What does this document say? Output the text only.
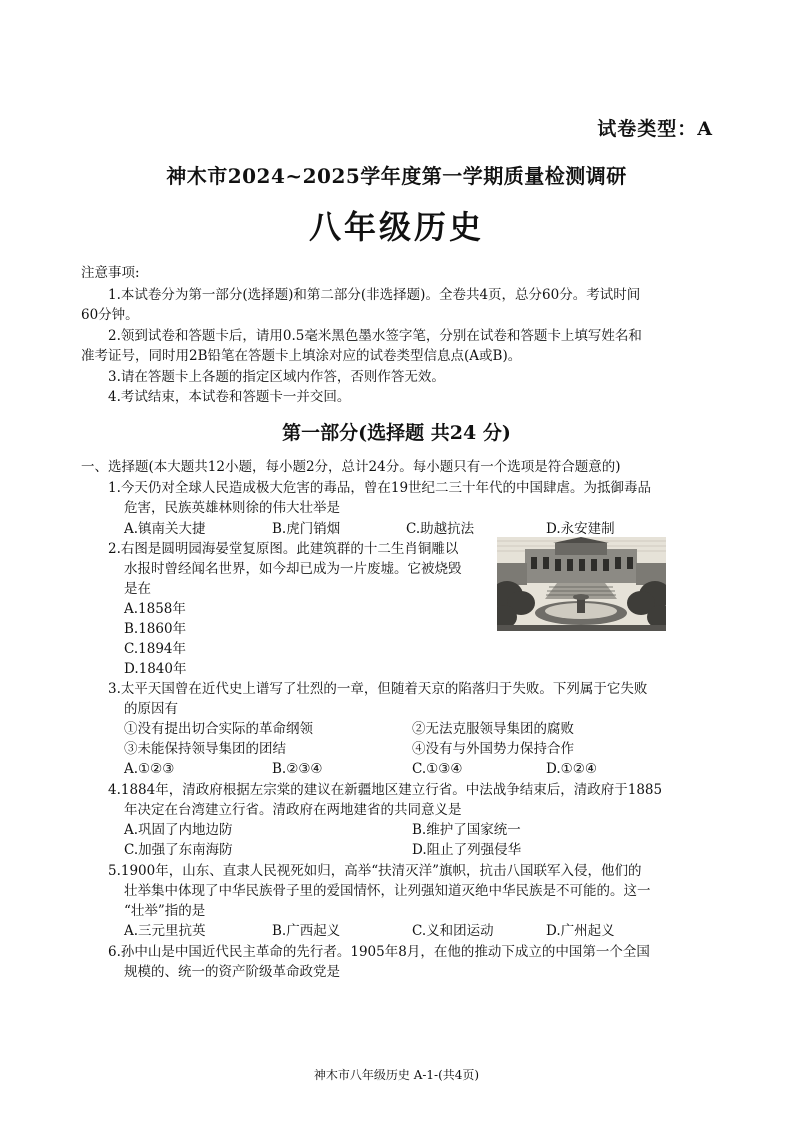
试卷类型：A
神木市2024~2025学年度第一学期质量检测调研
八年级历史
注意事项:
1.本试卷分为第一部分(选择题)和第二部分(非选择题)。全卷共4页，总分60分。考试时间
60分钟。
2.领到试卷和答题卡后，请用0.5毫米黑色墨水签字笔，分别在试卷和答题卡上填写姓名和
准考证号，同时用2B铅笔在答题卡上填涂对应的试卷类型信息点(A或B)。
3.请在答题卡上各题的指定区域内作答，否则作答无效。
4.考试结束，本试卷和答题卡一并交回。
第一部分(选择题 共24 分)
一、选择题(本大题共12小题，每小题2分，总计24分。每小题只有一个选项是符合题意的)
1.今天仍对全球人民造成极大危害的毒品，曾在19世纪二三十年代的中国肆虐。为抵御毒品
危害，民族英雄林则徐的伟大壮举是
A.镇南关大捷	B.虎门销烟	C.助越抗法	D.永安建制
2.右图是圆明园海晏堂复原图。此建筑群的十二生肖铜雕以
水报时曾经闻名世界，如今却已成为一片废墟。它被烧毁
是在
A.1858年
B.1860年
C.1894年
D.1840年
3.太平天国曾在近代史上谱写了壮烈的一章，但随着天京的陷落归于失败。下列属于它失败
的原因有
①没有提出切合实际的革命纲领	②无法克服领导集团的腐败
③未能保持领导集团的团结	④没有与外国势力保持合作
A.①②③	B.②③④	C.①③④	D.①②④
4.1884年，清政府根据左宗棠的建议在新疆地区建立行省。中法战争结束后，清政府于1885
年决定在台湾建立行省。清政府在两地建省的共同意义是
A.巩固了内地边防	B.维护了国家统一
C.加强了东南海防	D.阻止了列强侵华
5.1900年，山东、直隶人民视死如归，高举“扶清灭洋”旗帜，抗击八国联军入侵，他们的
壮举集中体现了中华民族骨子里的爱国情怀，让列强知道灭绝中华民族是不可能的。这一
“壮举”指的是
A.三元里抗英	B.广西起义	C.义和团运动	D.广州起义
6.孙中山是中国近代民主革命的先行者。1905年8月，在他的推动下成立的中国第一个全国
规模的、统一的资产阶级革命政党是
神木市八年级历史 A-1-(共4页)
